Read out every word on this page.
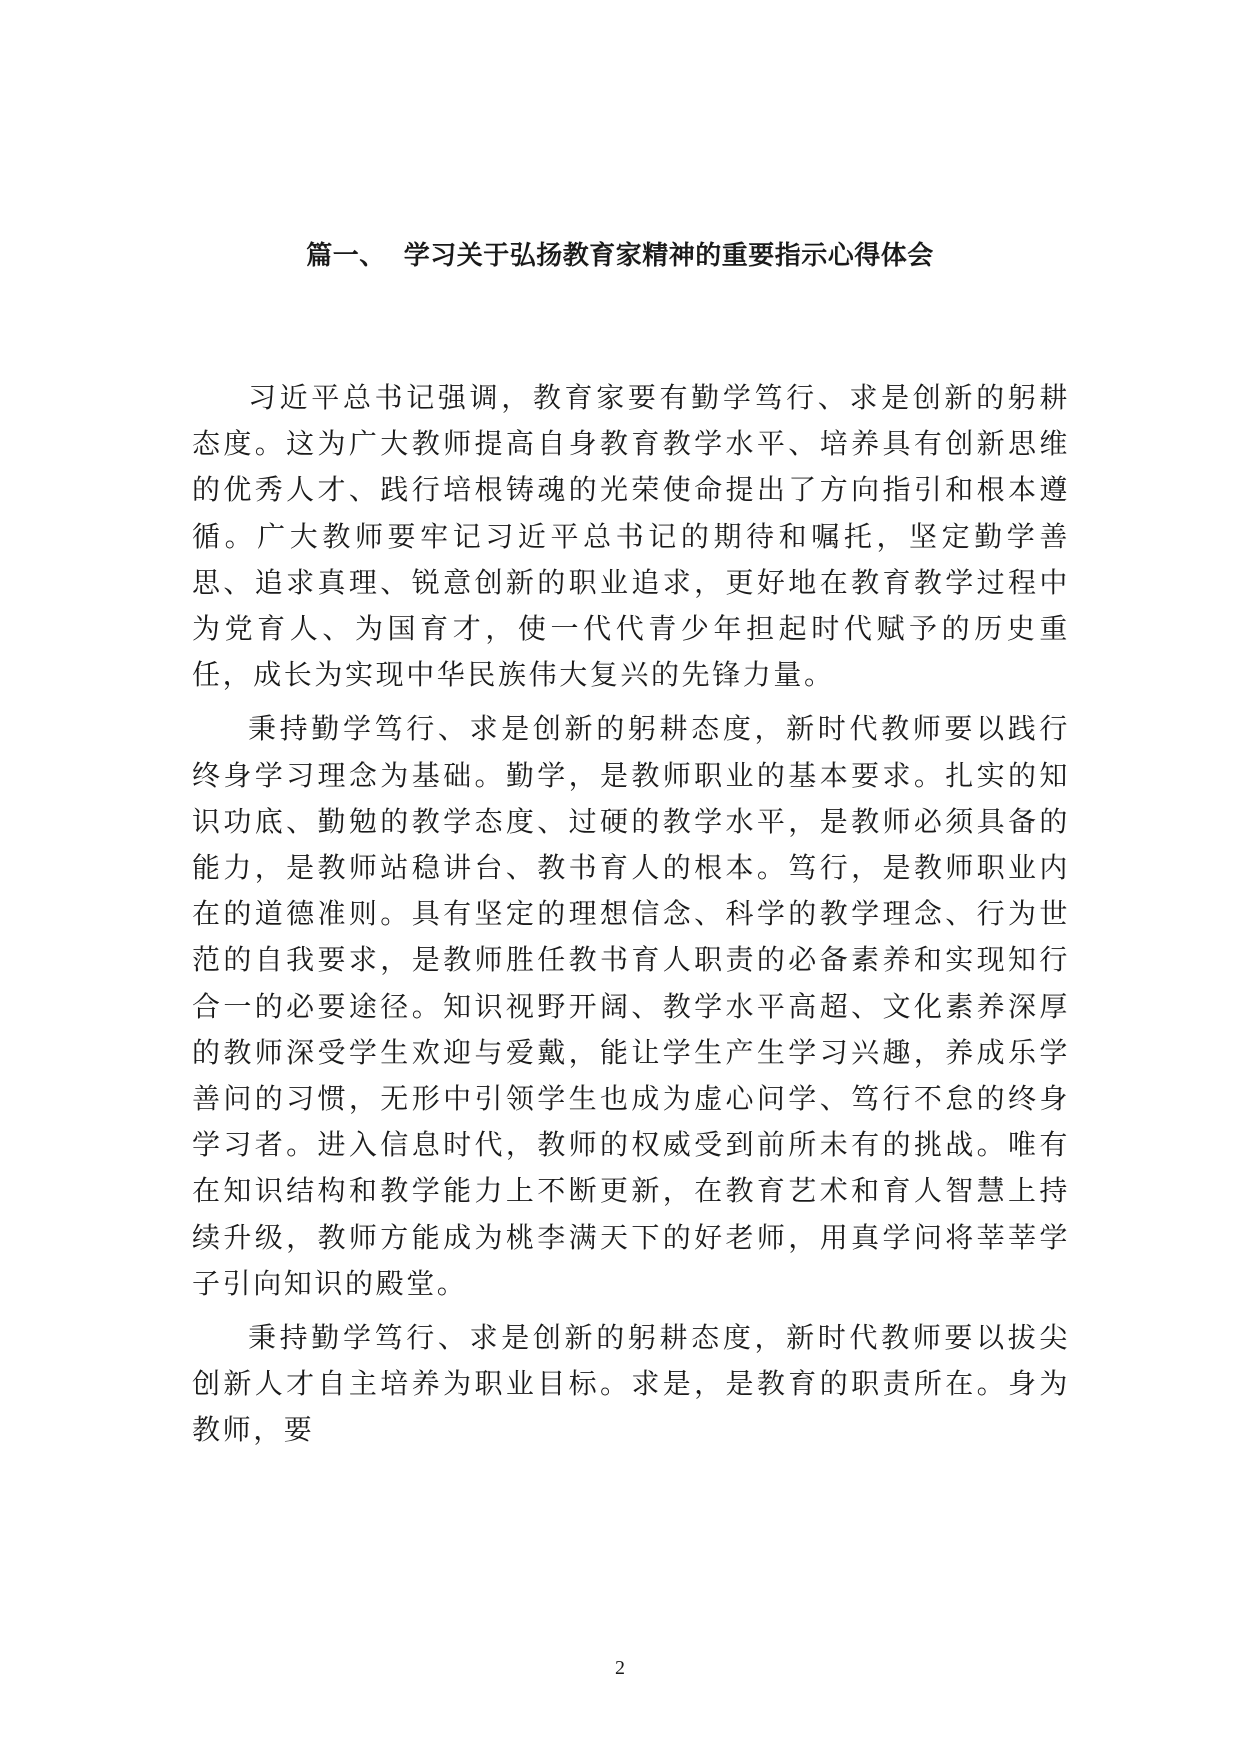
篇一、 学习关于弘扬教育家精神的重要指示心得体会

习近平总书记强调，教育家要有勤学笃行、求是创新的躬耕态度。这为广大教师提高自身教育教学水平、培养具有创新思维的优秀人才、践行培根铸魂的光荣使命提出了方向指引和根本遵循。广大教师要牢记习近平总书记的期待和嘱托，坚定勤学善思、追求真理、锐意创新的职业追求，更好地在教育教学过程中为党育人、为国育才，使一代代青少年担起时代赋予的历史重任，成长为实现中华民族伟大复兴的先锋力量。

秉持勤学笃行、求是创新的躬耕态度，新时代教师要以践行终身学习理念为基础。勤学，是教师职业的基本要求。扎实的知识功底、勤勉的教学态度、过硬的教学水平，是教师必须具备的能力，是教师站稳讲台、教书育人的根本。笃行，是教师职业内在的道德准则。具有坚定的理想信念、科学的教学理念、行为世范的自我要求，是教师胜任教书育人职责的必备素养和实现知行合一的必要途径。知识视野开阔、教学水平高超、文化素养深厚的教师深受学生欢迎与爱戴，能让学生产生学习兴趣，养成乐学善问的习惯，无形中引领学生也成为虚心问学、笃行不怠的终身学习者。进入信息时代，教师的权威受到前所未有的挑战。唯有在知识结构和教学能力上不断更新，在教育艺术和育人智慧上持续升级，教师方能成为桃李满天下的好老师，用真学问将莘莘学子引向知识的殿堂。

秉持勤学笃行、求是创新的躬耕态度，新时代教师要以拔尖创新人才自主培养为职业目标。求是，是教育的职责所在。身为教师，要

2
